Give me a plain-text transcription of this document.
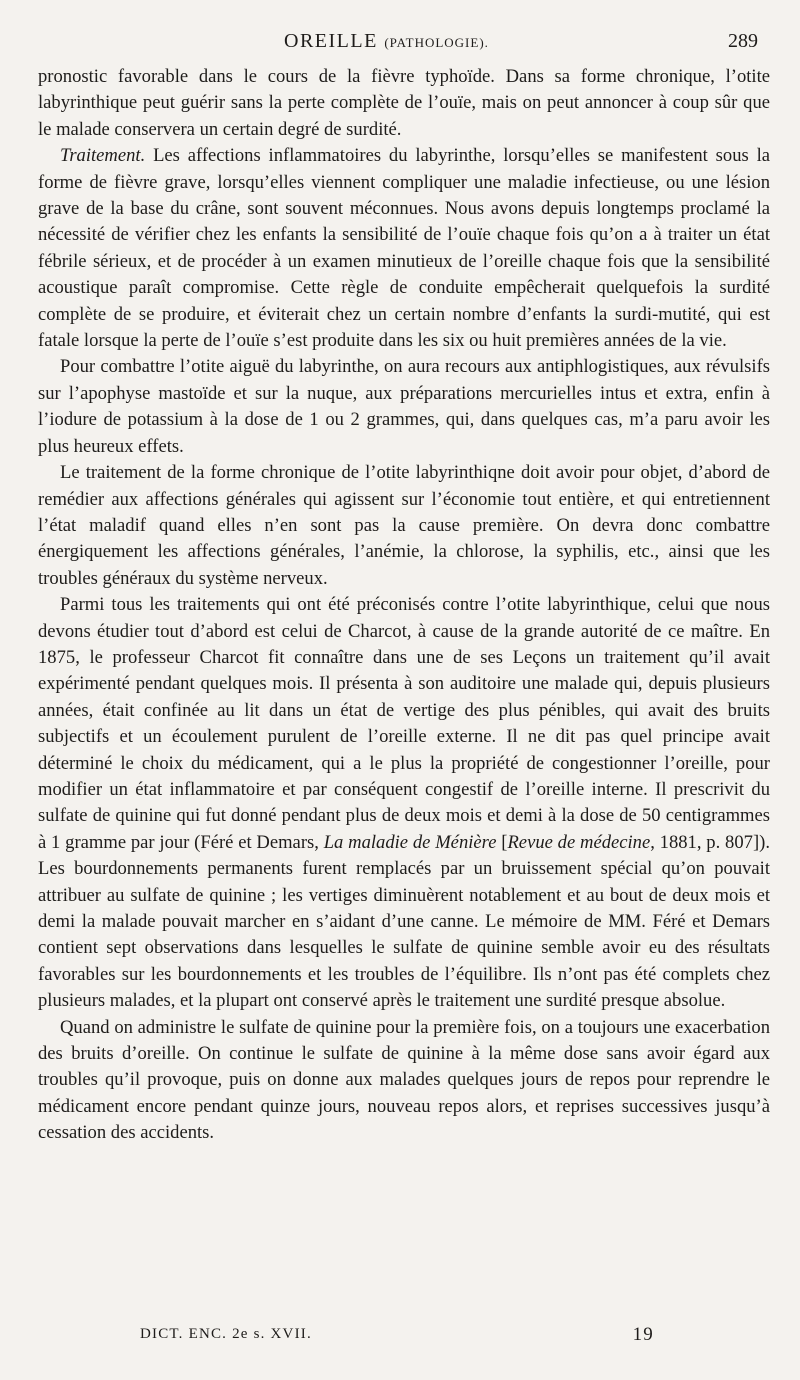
OREILLE (PATHOLOGIE).	289

pronostic favorable dans le cours de la fièvre typhoïde. Dans sa forme chronique, l’otite labyrinthique peut guérir sans la perte complète de l’ouïe, mais on peut annoncer à coup sûr que le malade conservera un certain degré de surdité.

Traitement. Les affections inflammatoires du labyrinthe, lorsqu’elles se manifestent sous la forme de fièvre grave, lorsqu’elles viennent compliquer une maladie infectieuse, ou une lésion grave de la base du crâne, sont souvent méconnues. Nous avons depuis longtemps proclamé la nécessité de vérifier chez les enfants la sensibilité de l’ouïe chaque fois qu’on a à traiter un état fébrile sérieux, et de procéder à un examen minutieux de l’oreille chaque fois que la sensibilité acoustique paraît compromise. Cette règle de conduite empêcherait quelquefois la surdité complète de se produire, et éviterait chez un certain nombre d’enfants la surdi-mutité, qui est fatale lorsque la perte de l’ouïe s’est produite dans les six ou huit premières années de la vie.

Pour combattre l’otite aiguë du labyrinthe, on aura recours aux antiphlogistiques, aux révulsifs sur l’apophyse mastoïde et sur la nuque, aux préparations mercurielles intus et extra, enfin à l’iodure de potassium à la dose de 1 ou 2 grammes, qui, dans quelques cas, m’a paru avoir les plus heureux effets.

Le traitement de la forme chronique de l’otite labyrinthiqne doit avoir pour objet, d’abord de remédier aux affections générales qui agissent sur l’économie tout entière, et qui entretiennent l’état maladif quand elles n’en sont pas la cause première. On devra donc combattre énergiquement les affections générales, l’anémie, la chlorose, la syphilis, etc., ainsi que les troubles généraux du système nerveux.

Parmi tous les traitements qui ont été préconisés contre l’otite labyrinthique, celui que nous devons étudier tout d’abord est celui de Charcot, à cause de la grande autorité de ce maître. En 1875, le professeur Charcot fit connaître dans une de ses Leçons un traitement qu’il avait expérimenté pendant quelques mois. Il présenta à son auditoire une malade qui, depuis plusieurs années, était confinée au lit dans un état de vertige des plus pénibles, qui avait des bruits subjectifs et un écoulement purulent de l’oreille externe. Il ne dit pas quel principe avait déterminé le choix du médicament, qui a le plus la propriété de congestionner l’oreille, pour modifier un état inflammatoire et par conséquent congestif de l’oreille interne. Il prescrivit du sulfate de quinine qui fut donné pendant plus de deux mois et demi à la dose de 50 centigrammes à 1 gramme par jour (Féré et Demars, La maladie de Ménière [Revue de médecine, 1881, p. 807]). Les bourdonnements permanents furent remplacés par un bruissement spécial qu’on pouvait attribuer au sulfate de quinine ; les vertiges diminuèrent notablement et au bout de deux mois et demi la malade pouvait marcher en s’aidant d’une canne. Le mémoire de MM. Féré et Demars contient sept observations dans lesquelles le sulfate de quinine semble avoir eu des résultats favorables sur les bourdonnements et les troubles de l’équilibre. Ils n’ont pas été complets chez plusieurs malades, et la plupart ont conservé après le traitement une surdité presque absolue.

Quand on administre le sulfate de quinine pour la première fois, on a toujours une exacerbation des bruits d’oreille. On continue le sulfate de quinine à la même dose sans avoir égard aux troubles qu’il provoque, puis on donne aux malades quelques jours de repos pour reprendre le médicament encore pendant quinze jours, nouveau repos alors, et reprises successives jusqu’à cessation des accidents.

DICT. ENC. 2e s. XVII.	19
